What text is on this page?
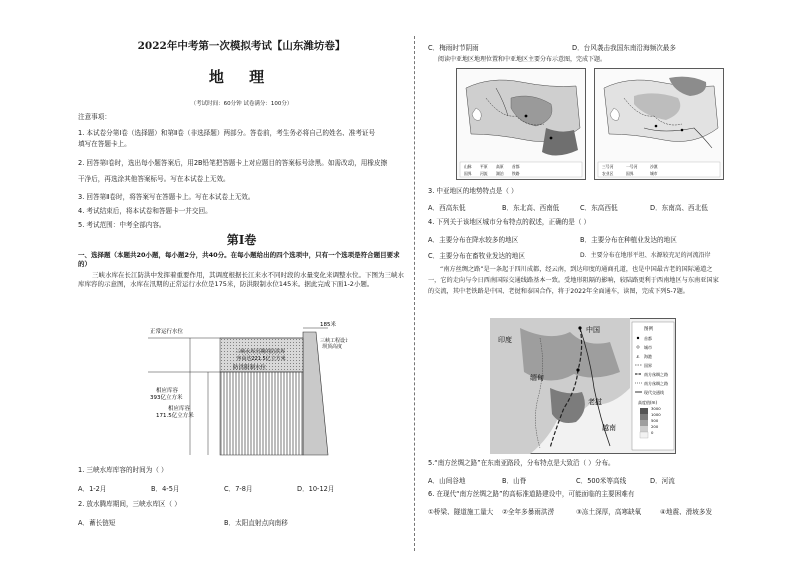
2022年中考第一次模拟考试【山东潍坊卷】
地 理
（考试时间：60分钟 试卷满分：100分）
注意事项：
1. 本试卷分第Ⅰ卷（选择题）和第Ⅱ卷（非选择题）两部分。答卷前，考生务必将自己的姓名、准考证号
填写在答题卡上。
2. 回答第Ⅰ卷时，选出每小题答案后，用2B铅笔把答题卡上对应题目的答案标号涂黑。如需改动，用橡皮擦
干净后，再选涂其他答案标号。写在本试卷上无效。
3. 回答第Ⅱ卷时，将答案写在答题卡上。写在本试卷上无效。
4. 考试结束后，将本试卷和答题卡一并交回。
5. 考试范围：中考全部内容。
第Ⅰ卷
一、选择题（本题共20小题，每小题2分，共40分。在每小题给出的四个选项中，只有一个选项是符合题目要求的）
三峡水库在长江防洪中发挥着重要作用，其调度根据长江来水不同时段的水量变化来调整水位。下图为三峡水库库容的示意图，水库在汛期的正常运行水位是175米，防洪限制水位145米。据此完成下面1-2小题。
正常运行水位
三峡水库汛期的防洪库 容高达221.5亿立方米
防洪限制水位
相应库容 393亿立方米
相应库容 171.5亿立方米
185米
三峡工程设计 坝顶高度
1. 三峡水库库容的时间为（ ）
A．1-2月	B．4-5月	C．7-8月	D．10-12月
2. 放水腾库期间，三峡水库区（ ）
A．蓄长链短	B．太阳直射点向南移
C．梅雨时节阴雨	D．台风袭击我国东南沿海频次最多
阅读中亚地区地理位置和中亚地区主要分布示意图，完成下题。
山脉 平原 高原 首都
国界 河流 湖泊 铁路
三号河	一号河	沙漠
农业区	国界	城市
3. 中亚地区的地势特点是（ ）
A．西高东低	B．东北高、西南低	C．东高西低	D．东南高、西北低
4. 下列关于该地区城市分布特点的叙述，正确的是（ ）
A．主要分布在降水较多的地区	B．主要分布在种植业发达的地区
C．主要分布在畜牧业发达的地区	D．主要分布在地形平坦、水源较充足的河流沿岸
“南方丝绸之路”是一条起于四川成都，经云南，到达印度的通商孔道，也是中国最古老的国际通道之一，它的走向与今日西南国际交通线路基本一致。受地形阻隔的影响，较陆路更利于西南地区与东南亚国家的交流，其中老铁路是中国、老挝和泰国合作，将于2022年全面通车，读图，完成下列5-7题。
中国
缅甸
老挝
印度
越南
图例
首都
城市
⚓ 海港
国界
南方丝绸之路
南方丝绸之路
现代交通线
高度值(m)
3000
1000
500
200
0
5.“南方丝绸之路”在东南亚路段，分布特点是大致沿（ ）分布。
A．山间谷地	B．山脊	C．500米等高线	D．河流
6. 在现代“南方丝绸之路”的高标准道路建设中，可能面临的主要困难有
①桥梁、隧道施工量大 ②全年多暴雨洪涝	③冻土深厚，高寒缺氧	④地震、滑坡多发
